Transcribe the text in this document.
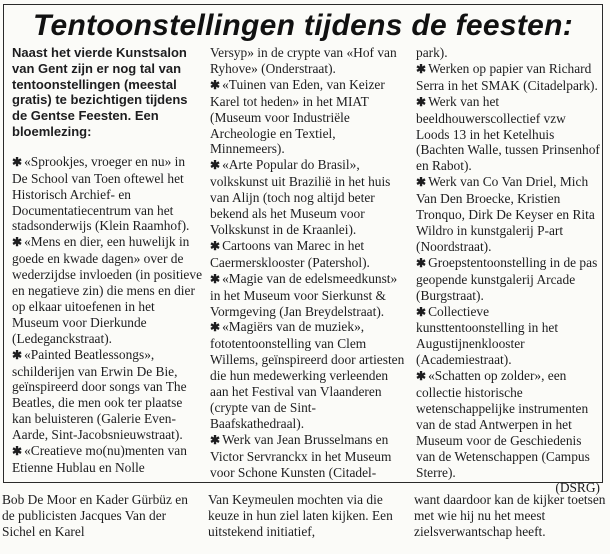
Tentoonstellingen tijdens de feesten:

Naast het vierde Kunstsalon van Gent zijn er nog tal van tentoonstellingen (meestal gratis) te bezichtigen tijdens de Gentse Feesten. Een bloemlezing:

✱ «Sprookjes, vroeger en nu» in De School van Toen oftewel het Historisch Archief- en Documentatiecentrum van het stadsonderwijs (Klein Raamhof).

✱ «Mens en dier, een huwelijk in goede en kwade dagen» over de wederzijdse invloeden (in positieve en negatieve zin) die mens en dier op elkaar uitoefenen in het Museum voor Dierkunde (Ledeganckstraat).

✱ «Painted Beatlessongs», schilderijen van Erwin De Bie, geïnspireerd door songs van The Beatles, die men ook ter plaatse kan beluisteren (Galerie Even-Aarde, Sint-Jacobsnieuwstraat).

✱ «Creatieve mo(nu)menten van Etienne Hublau en Nolle

Versyp» in de crypte van «Hof van Ryhove» (Onderstraat).

✱ «Tuinen van Eden, van Keizer Karel tot heden» in het MIAT (Museum voor Industriële Archeologie en Textiel, Minnemeers).

✱ «Arte Popular do Brasil», volkskunst uit Brazilië in het huis van Alijn (toch nog altijd beter bekend als het Museum voor Volkskunst in de Kraanlei).

✱ Cartoons van Marec in het Caermersklooster (Patershol).

✱ «Magie van de edelsmeedkunst» in het Museum voor Sierkunst & Vormgeving (Jan Breydelstraat).

✱ «Magiërs van de muziek», fototentoonstelling van Clem Willems, geïnspireerd door artiesten die hun medewerking verleenden aan het Festival van Vlaanderen (crypte van de Sint-Baafskathedraal).

✱ Werk van Jean Brusselmans en Victor Servranckx in het Museum voor Schone Kunsten (Citadel-

park).

✱ Werken op papier van Richard Serra in het SMAK (Citadelpark).

✱ Werk van het beeldhouwerscollectief vzw Loods 13 in het Ketelhuis (Bachten Walle, tussen Prinsenhof en Rabot).

✱ Werk van Co Van Driel, Mich Van Den Broecke, Kristien Tronquo, Dirk De Keyser en Rita Wildro in kunstgalerij P-art (Noordstraat).

✱ Groepstentoonstelling in de pas geopende kunstgalerij Arcade (Burgstraat).

✱ Collectieve kunsttentoonstelling in het Augustijnenklooster (Academiestraat).

✱ «Schatten op zolder», een collectie historische wetenschappelijke instrumenten van de stad Antwerpen in het Museum voor de Geschiedenis van de Wetenschappen (Campus Sterre).

(DSRG)

Bob De Moor en Kader Gürbüz en de publicisten Jacques Van der Sichel en Karel
Van Keymeulen mochten via die keuze in hun ziel laten kijken. Een uitstekend initiatief,
want daardoor kan de kijker toetsen met wie hij nu het meest zielsverwantschap heeft.
